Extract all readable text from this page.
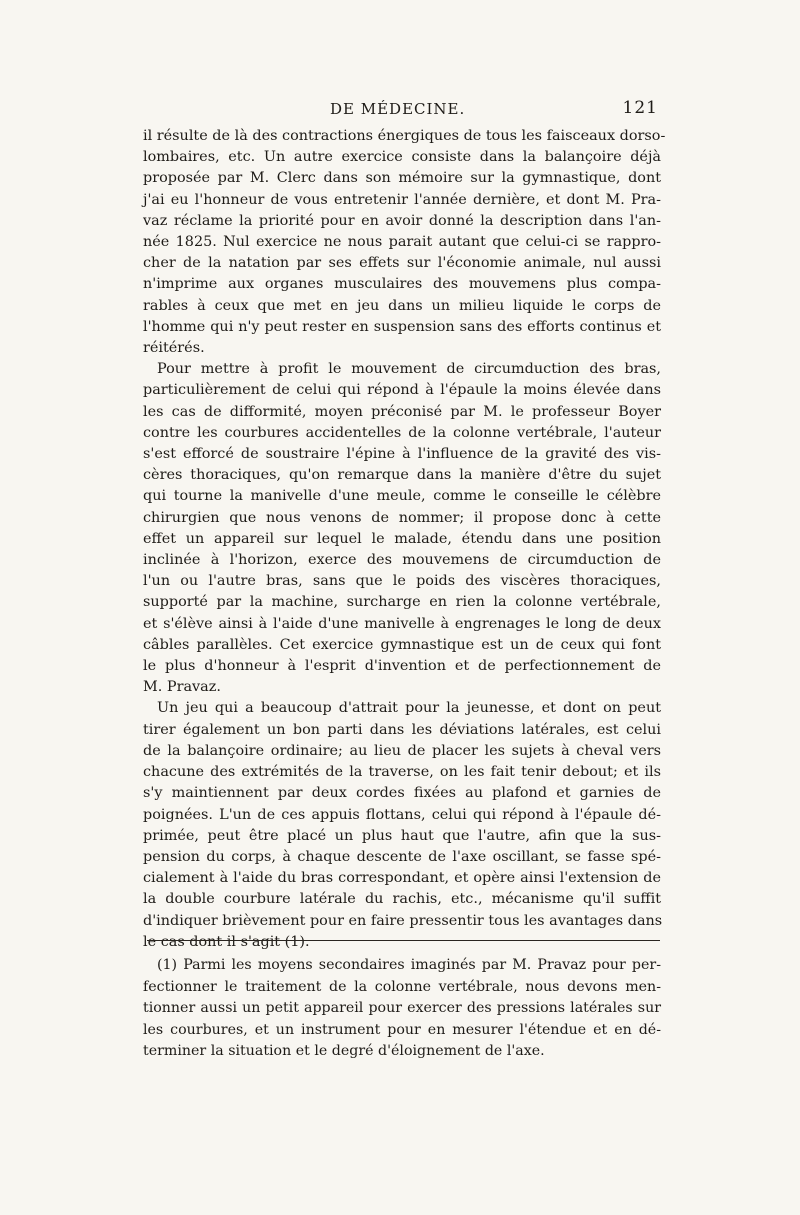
DE MÉDECINE.	121
il résulte de là des contractions énergiques de tous les faisceaux dorso-
lombaires, etc. Un autre exercice consiste dans la balançoire déjà
proposée par M. Clerc dans son mémoire sur la gymnastique, dont
j'ai eu l'honneur de vous entretenir l'année dernière, et dont M. Pra-
vaz réclame la priorité pour en avoir donné la description dans l'an-
née 1825. Nul exercice ne nous parait autant que celui-ci se rappro-
cher de la natation par ses effets sur l'économie animale, nul aussi
n'imprime aux organes musculaires des mouvemens plus compa-
rables à ceux que met en jeu dans un milieu liquide le corps de
l'homme qui n'y peut rester en suspension sans des efforts continus et
réitérés.
Pour mettre à profit le mouvement de circumduction des bras,
particulièrement de celui qui répond à l'épaule la moins élevée dans
les cas de difformité, moyen préconisé par M. le professeur Boyer
contre les courbures accidentelles de la colonne vertébrale, l'auteur
s'est efforcé de soustraire l'épine à l'influence de la gravité des vis-
cères thoraciques, qu'on remarque dans la manière d'être du sujet
qui tourne la manivelle d'une meule, comme le conseille le célèbre
chirurgien que nous venons de nommer; il propose donc à cette
effet un appareil sur lequel le malade, étendu dans une position
inclinée à l'horizon, exerce des mouvemens de circumduction de
l'un ou l'autre bras, sans que le poids des viscères thoraciques,
supporté par la machine, surcharge en rien la colonne vertébrale,
et s'élève ainsi à l'aide d'une manivelle à engrenages le long de deux
câbles parallèles. Cet exercice gymnastique est un de ceux qui font
le plus d'honneur à l'esprit d'invention et de perfectionnement de
M. Pravaz.
Un jeu qui a beaucoup d'attrait pour la jeunesse, et dont on peut
tirer également un bon parti dans les déviations latérales, est celui
de la balançoire ordinaire; au lieu de placer les sujets à cheval vers
chacune des extrémités de la traverse, on les fait tenir debout; et ils
s'y maintiennent par deux cordes fixées au plafond et garnies de
poignées. L'un de ces appuis flottans, celui qui répond à l'épaule dé-
primée, peut être placé un plus haut que l'autre, afin que la sus-
pension du corps, à chaque descente de l'axe oscillant, se fasse spé-
cialement à l'aide du bras correspondant, et opère ainsi l'extension de
la double courbure latérale du rachis, etc., mécanisme qu'il suffit
d'indiquer brièvement pour en faire pressentir tous les avantages dans
le cas dont il s'agit (1).
(1) Parmi les moyens secondaires imaginés par M. Pravaz pour per-
fectionner le traitement de la colonne vertébrale, nous devons men-
tionner aussi un petit appareil pour exercer des pressions latérales sur
les courbures, et un instrument pour en mesurer l'étendue et en dé-
terminer la situation et le degré d'éloignement de l'axe.
